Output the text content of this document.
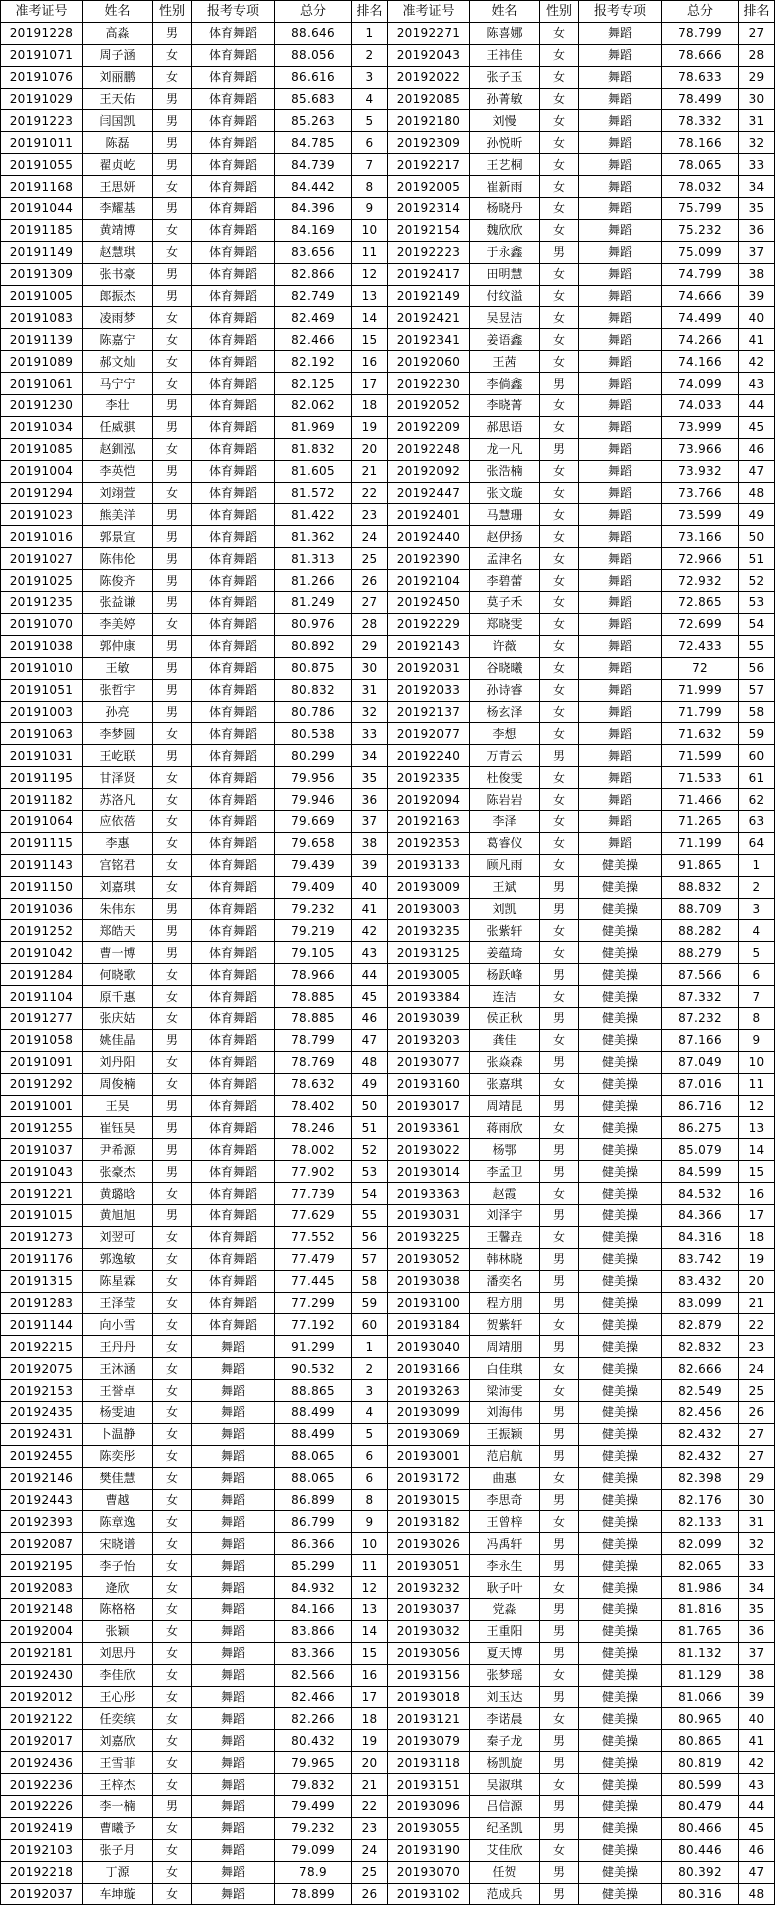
准考证号	姓名	性别	报考专项	总分	排名	准考证号	姓名	性别	报考专项	总分	排名
20191228	高淼	男	体育舞蹈	88.646	1	20192271	陈喜娜	女	舞蹈	78.799	27
20191071	周子涵	女	体育舞蹈	88.056	2	20192043	王祎佳	女	舞蹈	78.666	28
20191076	刘丽鹏	女	体育舞蹈	86.616	3	20192022	张子玉	女	舞蹈	78.633	29
20191029	王天佑	男	体育舞蹈	85.683	4	20192085	孙菁敏	女	舞蹈	78.499	30
20191223	闫国凯	男	体育舞蹈	85.263	5	20192180	刘慢	女	舞蹈	78.332	31
20191011	陈磊	男	体育舞蹈	84.785	6	20192309	孙悦昕	女	舞蹈	78.166	32
20191055	翟贞屹	男	体育舞蹈	84.739	7	20192217	王艺桐	女	舞蹈	78.065	33
20191168	王思妍	女	体育舞蹈	84.442	8	20192005	崔新雨	女	舞蹈	78.032	34
20191044	李耀基	男	体育舞蹈	84.396	9	20192314	杨晓丹	女	舞蹈	75.799	35
20191185	黄靖博	女	体育舞蹈	84.169	10	20192154	魏欣欣	女	舞蹈	75.232	36
20191149	赵慧琪	女	体育舞蹈	83.656	11	20192223	于永鑫	男	舞蹈	75.099	37
20191309	张书豪	男	体育舞蹈	82.866	12	20192417	田明慧	女	舞蹈	74.799	38
20191005	郎振杰	男	体育舞蹈	82.749	13	20192149	付纹溢	女	舞蹈	74.666	39
20191083	凌雨梦	女	体育舞蹈	82.469	14	20192421	吴昱洁	女	舞蹈	74.499	40
20191139	陈嘉宁	女	体育舞蹈	82.466	15	20192341	姜语鑫	女	舞蹈	74.266	41
20191089	郝文灿	女	体育舞蹈	82.192	16	20192060	王茜	女	舞蹈	74.166	42
20191061	马宁宁	女	体育舞蹈	82.125	17	20192230	李倘鑫	男	舞蹈	74.099	43
20191230	李壮	男	体育舞蹈	82.062	18	20192052	李晓菁	女	舞蹈	74.033	44
20191034	任威骐	男	体育舞蹈	81.969	19	20192209	郝思语	女	舞蹈	73.999	45
20191085	赵釧泓	女	体育舞蹈	81.832	20	20192248	龙一凡	男	舞蹈	73.966	46
20191004	李英恺	男	体育舞蹈	81.605	21	20192092	张浩楠	女	舞蹈	73.932	47
20191294	刘翊萱	女	体育舞蹈	81.572	22	20192447	张文璇	女	舞蹈	73.766	48
20191023	熊美洋	男	体育舞蹈	81.422	23	20192401	马慧珊	女	舞蹈	73.599	49
20191016	郭景宣	男	体育舞蹈	81.362	24	20192440	赵伊扬	女	舞蹈	73.166	50
20191027	陈伟伦	男	体育舞蹈	81.313	25	20192390	孟津名	女	舞蹈	72.966	51
20191025	陈俊齐	男	体育舞蹈	81.266	26	20192104	李碧蕾	女	舞蹈	72.932	52
20191235	张益谦	男	体育舞蹈	81.249	27	20192450	莫子禾	女	舞蹈	72.865	53
20191070	李美婷	女	体育舞蹈	80.976	28	20192229	郑晓雯	女	舞蹈	72.699	54
20191038	郭仲康	男	体育舞蹈	80.892	29	20192143	许薇	女	舞蹈	72.433	55
20191010	王敏	男	体育舞蹈	80.875	30	20192031	谷晓曦	女	舞蹈	72	56
20191051	张哲宇	男	体育舞蹈	80.832	31	20192033	孙诗睿	女	舞蹈	71.999	57
20191003	孙亮	男	体育舞蹈	80.786	32	20192137	杨玄泽	女	舞蹈	71.799	58
20191063	李梦圆	女	体育舞蹈	80.538	33	20192077	李想	女	舞蹈	71.632	59
20191031	王屹联	男	体育舞蹈	80.299	34	20192240	万青云	男	舞蹈	71.599	60
20191195	甘泽贤	女	体育舞蹈	79.956	35	20192335	杜俊雯	女	舞蹈	71.533	61
20191182	苏洛凡	女	体育舞蹈	79.946	36	20192094	陈岩岩	女	舞蹈	71.466	62
20191064	应依蓓	女	体育舞蹈	79.669	37	20192163	李泽	女	舞蹈	71.265	63
20191115	李惠	女	体育舞蹈	79.658	38	20192353	葛睿仪	女	舞蹈	71.199	64
20191143	宫铭君	女	体育舞蹈	79.439	39	20193133	顾凡雨	女	健美操	91.865	1
20191150	刘嘉琪	女	体育舞蹈	79.409	40	20193009	王斌	男	健美操	88.832	2
20191036	朱伟东	男	体育舞蹈	79.232	41	20193003	刘凯	男	健美操	88.709	3
20191252	郑皓天	男	体育舞蹈	79.219	42	20193235	张紫轩	女	健美操	88.282	4
20191042	曹一博	男	体育舞蹈	79.105	43	20193125	姜蕴琦	女	健美操	88.279	5
20191284	何晓歌	女	体育舞蹈	78.966	44	20193005	杨跃峰	男	健美操	87.566	6
20191104	原千惠	女	体育舞蹈	78.885	45	20193384	连洁	女	健美操	87.332	7
20191277	张庆姑	女	体育舞蹈	78.885	46	20193039	侯正秋	男	健美操	87.232	8
20191058	姚佳晶	男	体育舞蹈	78.799	47	20193203	龚佳	女	健美操	87.166	9
20191091	刘丹阳	女	体育舞蹈	78.769	48	20193077	张焱森	男	健美操	87.049	10
20191292	周俊楠	女	体育舞蹈	78.632	49	20193160	张嘉琪	女	健美操	87.016	11
20191001	王昊	男	体育舞蹈	78.402	50	20193017	周靖昆	男	健美操	86.716	12
20191255	崔钰昊	男	体育舞蹈	78.246	51	20193361	蒋雨欣	女	健美操	86.275	13
20191037	尹希源	男	体育舞蹈	78.002	52	20193022	杨鄂	男	健美操	85.079	14
20191043	张豪杰	男	体育舞蹈	77.902	53	20193014	李孟卫	男	健美操	84.599	15
20191221	黄璐晗	女	体育舞蹈	77.739	54	20193363	赵霞	女	健美操	84.532	16
20191015	黄旭旭	男	体育舞蹈	77.629	55	20193031	刘泽宇	男	健美操	84.366	17
20191273	刘翌可	女	体育舞蹈	77.552	56	20193225	王馨垚	女	健美操	84.316	18
20191176	郭逸敏	女	体育舞蹈	77.479	57	20193052	韩林晓	男	健美操	83.742	19
20191315	陈星霖	女	体育舞蹈	77.445	58	20193038	潘奕名	男	健美操	83.432	20
20191283	王泽莹	女	体育舞蹈	77.299	59	20193100	程方朋	男	健美操	83.099	21
20191144	向小雪	女	体育舞蹈	77.192	60	20193184	贺紫轩	女	健美操	82.879	22
20192215	王丹丹	女	舞蹈	91.299	1	20193040	周靖朋	男	健美操	82.832	23
20192075	王沐涵	女	舞蹈	90.532	2	20193166	白佳琪	女	健美操	82.666	24
20192153	王誉卓	女	舞蹈	88.865	3	20193263	梁沛雯	女	健美操	82.549	25
20192435	杨雯迪	女	舞蹈	88.499	4	20193099	刘海伟	男	健美操	82.456	26
20192431	卜温静	女	舞蹈	88.499	5	20193069	王振颖	男	健美操	82.432	27
20192455	陈奕彤	女	舞蹈	88.065	6	20193001	范启航	男	健美操	82.432	27
20192146	樊佳慧	女	舞蹈	88.065	6	20193172	曲惠	女	健美操	82.398	29
20192443	曹越	女	舞蹈	86.899	8	20193015	李思奇	男	健美操	82.176	30
20192393	陈章逸	女	舞蹈	86.799	9	20193182	王曾梓	女	健美操	82.133	31
20192087	宋晓谱	女	舞蹈	86.366	10	20193026	冯禹轩	男	健美操	82.099	32
20192195	李子怡	女	舞蹈	85.299	11	20193051	李永生	男	健美操	82.065	33
20192083	逄欣	女	舞蹈	84.932	12	20193232	耿子叶	女	健美操	81.986	34
20192148	陈格格	女	舞蹈	84.166	13	20193037	党淼	男	健美操	81.816	35
20192004	张颖	女	舞蹈	83.866	14	20193032	王重阳	男	健美操	81.765	36
20192181	刘思丹	女	舞蹈	83.366	15	20193056	夏天博	男	健美操	81.132	37
20192430	李佳欣	女	舞蹈	82.566	16	20193156	张梦瑶	女	健美操	81.129	38
20192012	王心彤	女	舞蹈	82.466	17	20193018	刘玉达	男	健美操	81.066	39
20192122	任奕缤	女	舞蹈	82.266	18	20193121	李诺晨	女	健美操	80.965	40
20192017	刘嘉欣	女	舞蹈	80.432	19	20193079	秦子龙	男	健美操	80.865	41
20192436	王雪菲	女	舞蹈	79.965	20	20193118	杨凯旋	男	健美操	80.819	42
20192236	王梓杰	女	舞蹈	79.832	21	20193151	吴淑琪	女	健美操	80.599	43
20192226	李一楠	男	舞蹈	79.499	22	20193096	吕信源	男	健美操	80.479	44
20192419	曹曦予	女	舞蹈	79.232	23	20193055	纪圣凯	男	健美操	80.466	45
20192103	张子月	女	舞蹈	79.099	24	20193190	艾佳欣	女	健美操	80.446	46
20192218	丁源	女	舞蹈	78.9	25	20193070	任贺	男	健美操	80.392	47
20192037	车坤璇	女	舞蹈	78.899	26	20193102	范成兵	男	健美操	80.316	48
